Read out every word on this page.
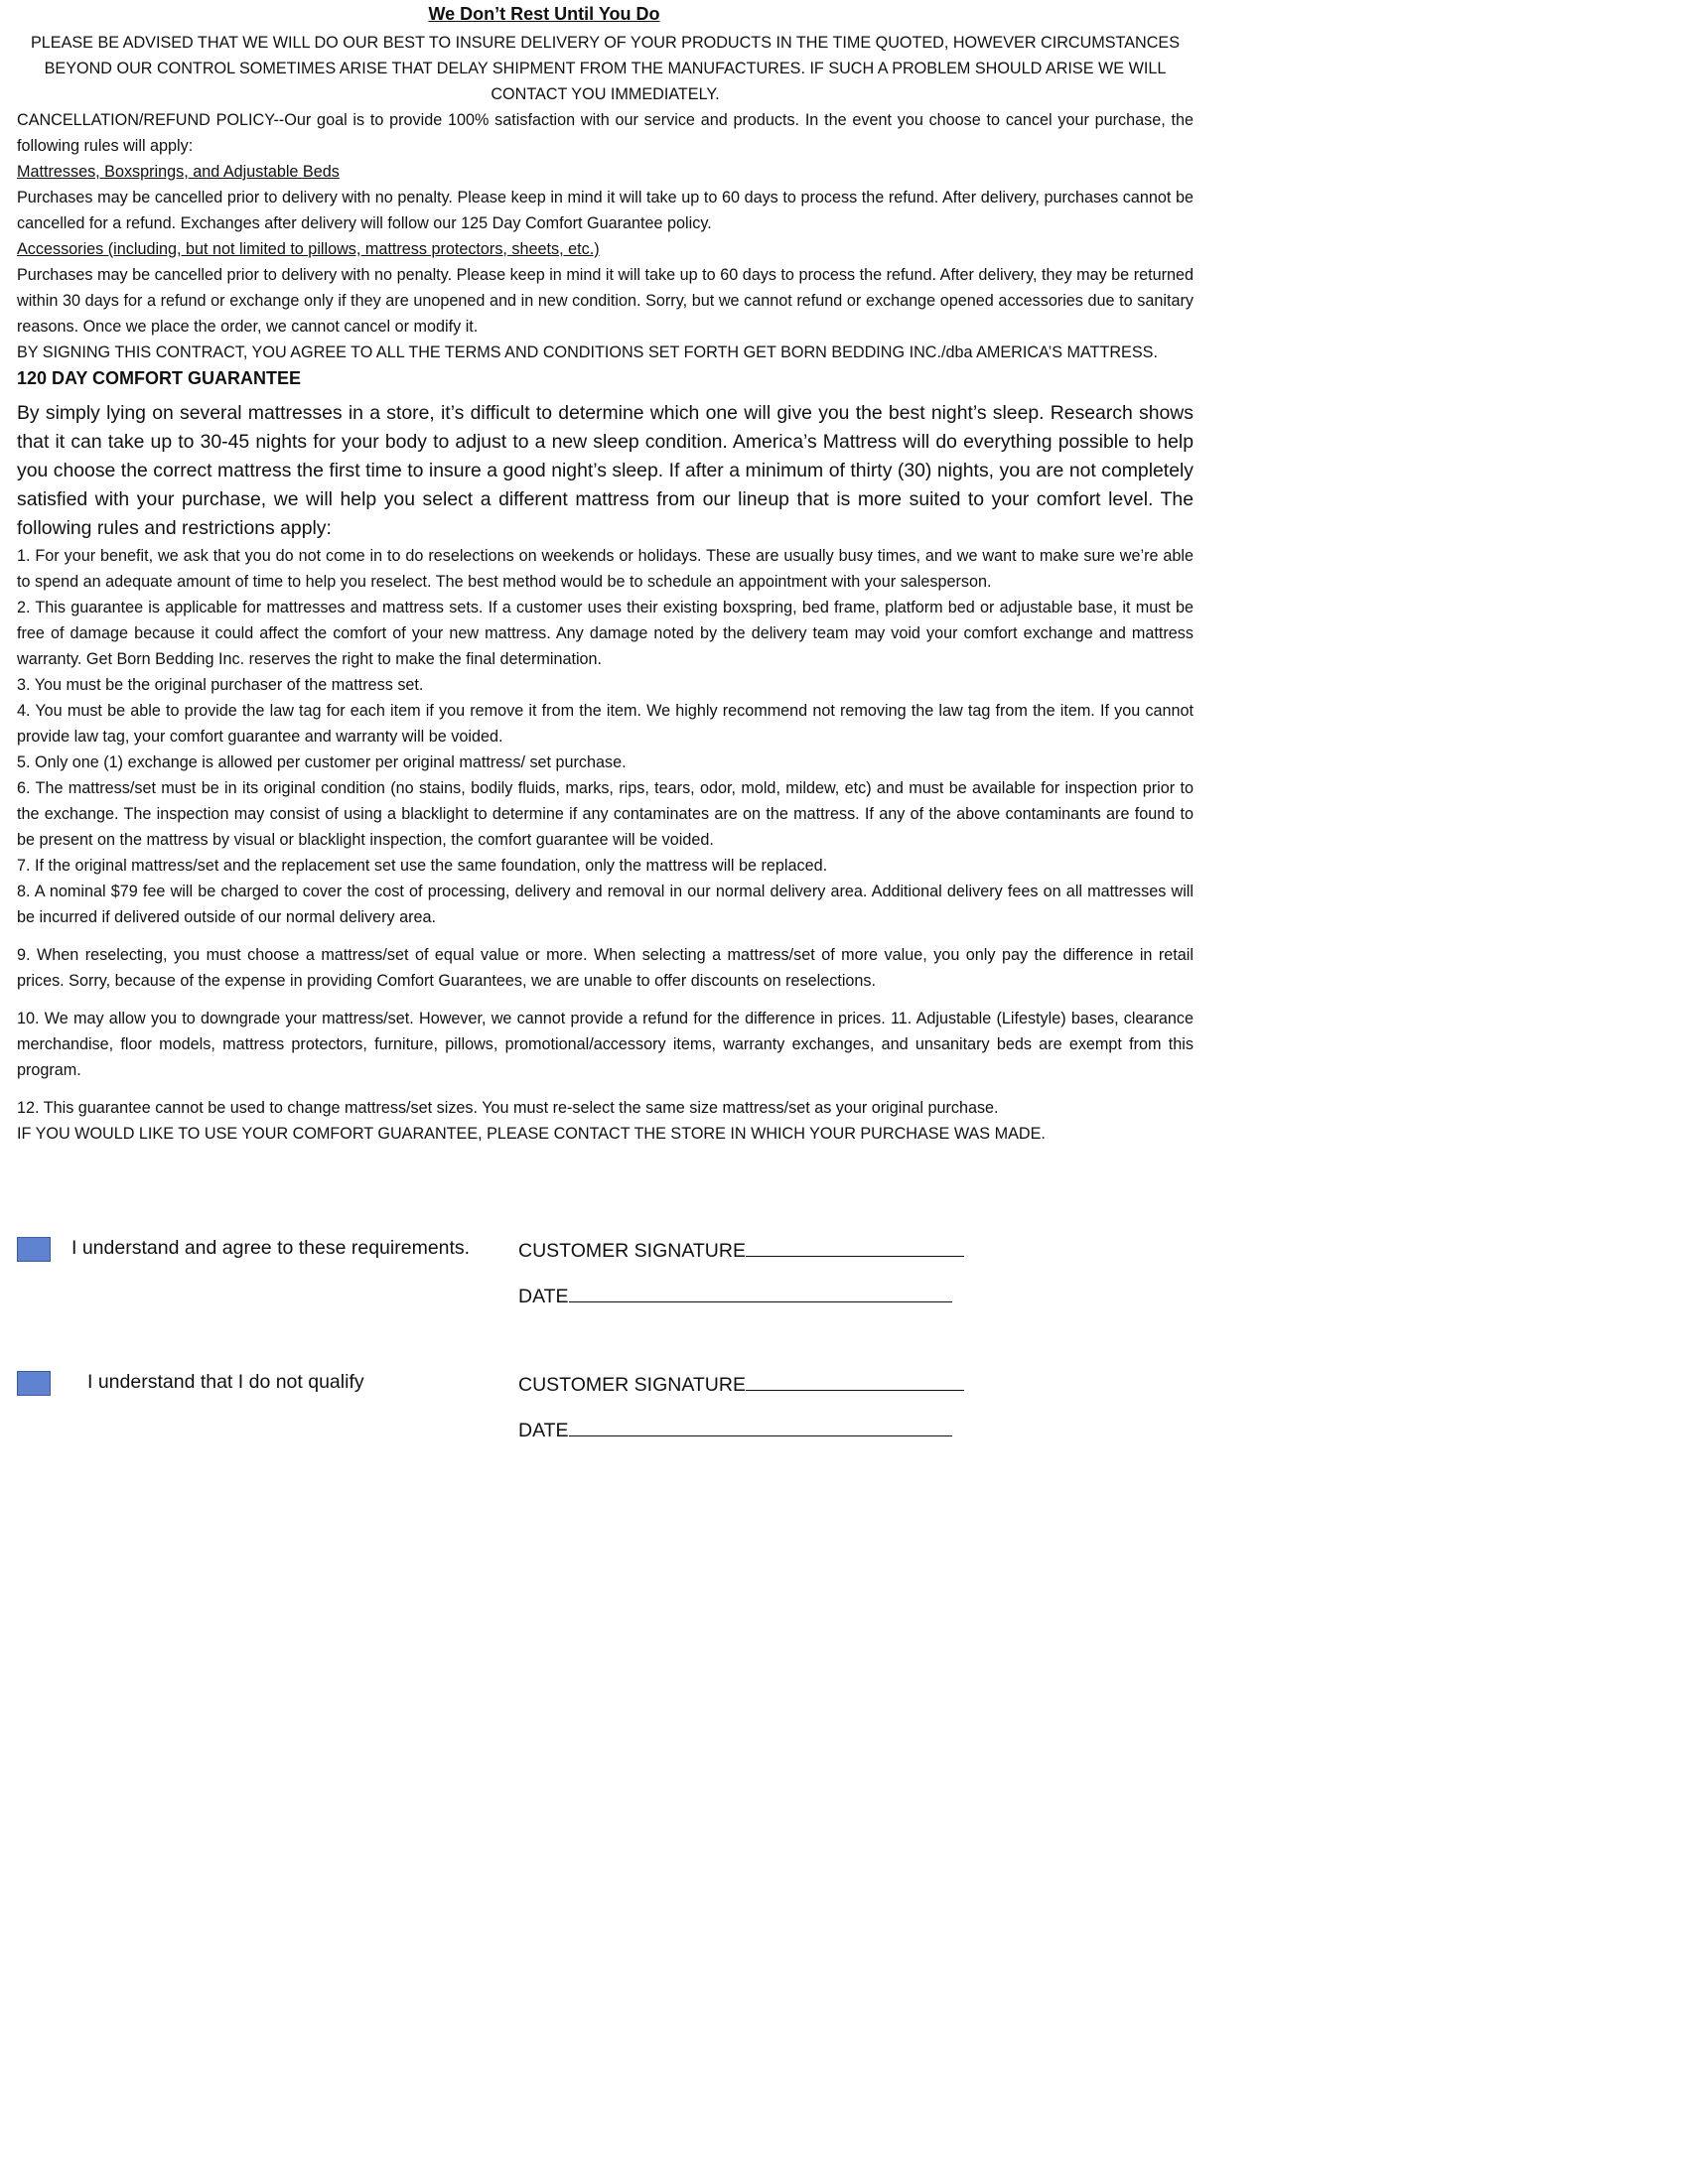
We Don’t Rest Until You Do

PLEASE BE ADVISED THAT WE WILL DO OUR BEST TO INSURE DELIVERY OF YOUR PRODUCTS IN THE TIME QUOTED, HOWEVER CIRCUMSTANCES BEYOND OUR CONTROL SOMETIMES ARISE THAT DELAY SHIPMENT FROM THE MANUFACTURES. IF SUCH A PROBLEM SHOULD ARISE WE WILL CONTACT YOU IMMEDIATELY.

CANCELLATION/REFUND POLICY--Our goal is to provide 100% satisfaction with our service and products. In the event you choose to cancel your purchase, the following rules will apply:

Mattresses, Boxsprings, and Adjustable Beds

Purchases may be cancelled prior to delivery with no penalty. Please keep in mind it will take up to 60 days to process the refund. After delivery, purchases cannot be cancelled for a refund. Exchanges after delivery will follow our 125 Day Comfort Guarantee policy.

Accessories (including, but not limited to pillows, mattress protectors, sheets, etc.)

Purchases may be cancelled prior to delivery with no penalty. Please keep in mind it will take up to 60 days to process the refund. After delivery, they may be returned within 30 days for a refund or exchange only if they are unopened and in new condition. Sorry, but we cannot refund or exchange opened accessories due to sanitary reasons. Once we place the order, we cannot cancel or modify it.

BY SIGNING THIS CONTRACT, YOU AGREE TO ALL THE TERMS AND CONDITIONS SET FORTH GET BORN BEDDING INC./dba AMERICA’S MATTRESS.

120 DAY COMFORT GUARANTEE

By simply lying on several mattresses in a store, it’s difficult to determine which one will give you the best night’s sleep. Research shows that it can take up to 30-45 nights for your body to adjust to a new sleep condition. America’s Mattress will do everything possible to help you choose the correct mattress the first time to insure a good night’s sleep. If after a minimum of thirty (30) nights, you are not completely satisfied with your purchase, we will help you select a different mattress from our lineup that is more suited to your comfort level. The following rules and restrictions apply:

1. For your benefit, we ask that you do not come in to do reselections on weekends or holidays. These are usually busy times, and we want to make sure we’re able to spend an adequate amount of time to help you reselect. The best method would be to schedule an appointment with your salesperson.

2. This guarantee is applicable for mattresses and mattress sets. If a customer uses their existing boxspring, bed frame, platform bed or adjustable base, it must be free of damage because it could affect the comfort of your new mattress. Any damage noted by the delivery team may void your comfort exchange and mattress warranty. Get Born Bedding Inc. reserves the right to make the final determination.

3. You must be the original purchaser of the mattress set.

4. You must be able to provide the law tag for each item if you remove it from the item. We highly recommend not removing the law tag from the item. If you cannot provide law tag, your comfort guarantee and warranty will be voided.

5. Only one (1) exchange is allowed per customer per original mattress/ set purchase.

6. The mattress/set must be in its original condition (no stains, bodily fluids, marks, rips, tears, odor, mold, mildew, etc) and must be available for inspection prior to the exchange. The inspection may consist of using a blacklight to determine if any contaminates are on the mattress. If any of the above contaminants are found to be present on the mattress by visual or blacklight inspection, the comfort guarantee will be voided.

7. If the original mattress/set and the replacement set use the same foundation, only the mattress will be replaced.

8. A nominal $79 fee will be charged to cover the cost of processing, delivery and removal in our normal delivery area. Additional delivery fees on all mattresses will be incurred if delivered outside of our normal delivery area.

9. When reselecting, you must choose a mattress/set of equal value or more. When selecting a mattress/set of more value, you only pay the difference in retail prices. Sorry, because of the expense in providing Comfort Guarantees, we are unable to offer discounts on reselections.

10. We may allow you to downgrade your mattress/set. However, we cannot provide a refund for the difference in prices. 11. Adjustable (Lifestyle) bases, clearance merchandise, floor models, mattress protectors, furniture, pillows, promotional/accessory items, warranty exchanges, and unsanitary beds are exempt from this program.

12. This guarantee cannot be used to change mattress/set sizes. You must re-select the same size mattress/set as your original purchase.

IF YOU WOULD LIKE TO USE YOUR COMFORT GUARANTEE, PLEASE CONTACT THE STORE IN WHICH YOUR PURCHASE WAS MADE.

I understand and agree to these requirements.	CUSTOMER SIGNATURE
DATE
I understand that I do not qualify	CUSTOMER SIGNATURE
DATE
